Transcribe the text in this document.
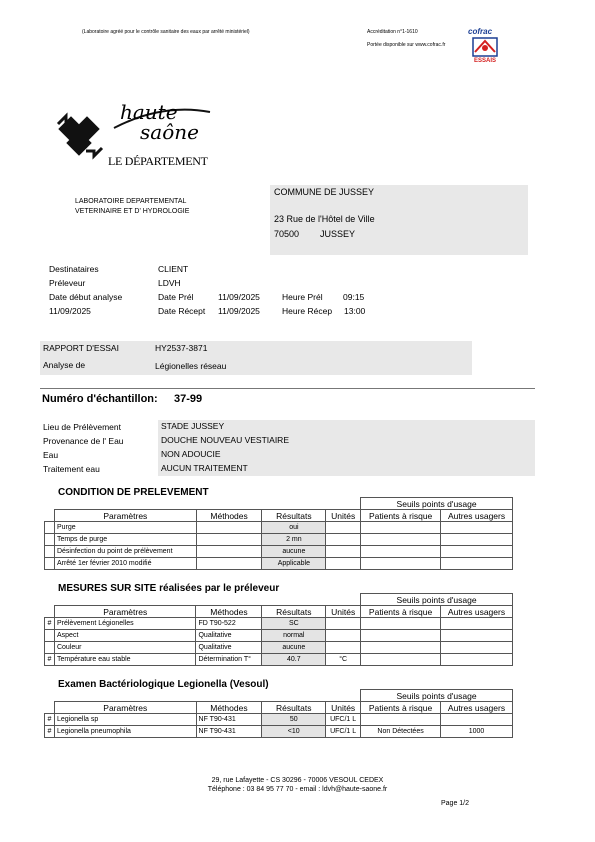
(Laboratoire agréé pour le contrôle sanitaire des eaux par arrêté ministériel)	Accréditation n°1-1610
Portée disponible sur www.cofrac.fr
cofrac
ESSAIS
haute
saône
LE DÉPARTEMENT
LABORATOIRE DEPARTEMENTAL
VETERINAIRE ET D' HYDROLOGIE
COMMUNE DE JUSSEY
23 Rue de l'Hôtel de Ville
70500 JUSSEY
Destinataires	CLIENT
Préleveur	LDVH
Date début analyse	Date Prél	11/09/2025	Heure Prél 09:15
11/09/2025	Date Récept 11/09/2025	Heure Récep 13:00
RAPPORT D'ESSAI	HY2537-3871
Analyse de	Légionelles réseau
Numéro d'échantillon: 37-99
Lieu de Prélèvement	STADE JUSSEY
Provenance de l' Eau	DOUCHE NOUVEAU VESTIAIRE
Eau	NON ADOUCIE
Traitement eau	AUCUN TRAITEMENT
CONDITION DE PRELEVEMENT
					Seuils points d'usage	
	Paramètres	Méthodes	Résultats	Unités	Patients à risque	Autres usagers
	Purge		oui			
	Temps de purge		2 mn			
	Désinfection du point de prélèvement		aucune			
	Arrêté 1er février 2010 modifié		Applicable			
MESURES SUR SITE réalisées par le préleveur
					Seuils points d'usage	
	Paramètres	Méthodes	Résultats	Unités	Patients à risque	Autres usagers
#	Prélèvement Légionelles	FD T90-522	SC			
	Aspect	Qualitative	normal			
	Couleur	Qualitative	aucune			
#	Température eau stable	Détermination T°	40.7	°C		
Examen Bactériologique Legionella (Vesoul)
					Seuils points d'usage	
	Paramètres	Méthodes	Résultats	Unités	Patients à risque	Autres usagers
#	Legionella sp	NF T90-431	50	UFC/1 L		
#	Legionella pneumophila	NF T90-431	<10	UFC/1 L	Non Détectées	1000
29, rue Lafayette - CS 30296 - 70006 VESOUL CEDEX
Téléphone : 03 84 95 77 70 - email : ldvh@haute-saone.fr
Page 1/2
